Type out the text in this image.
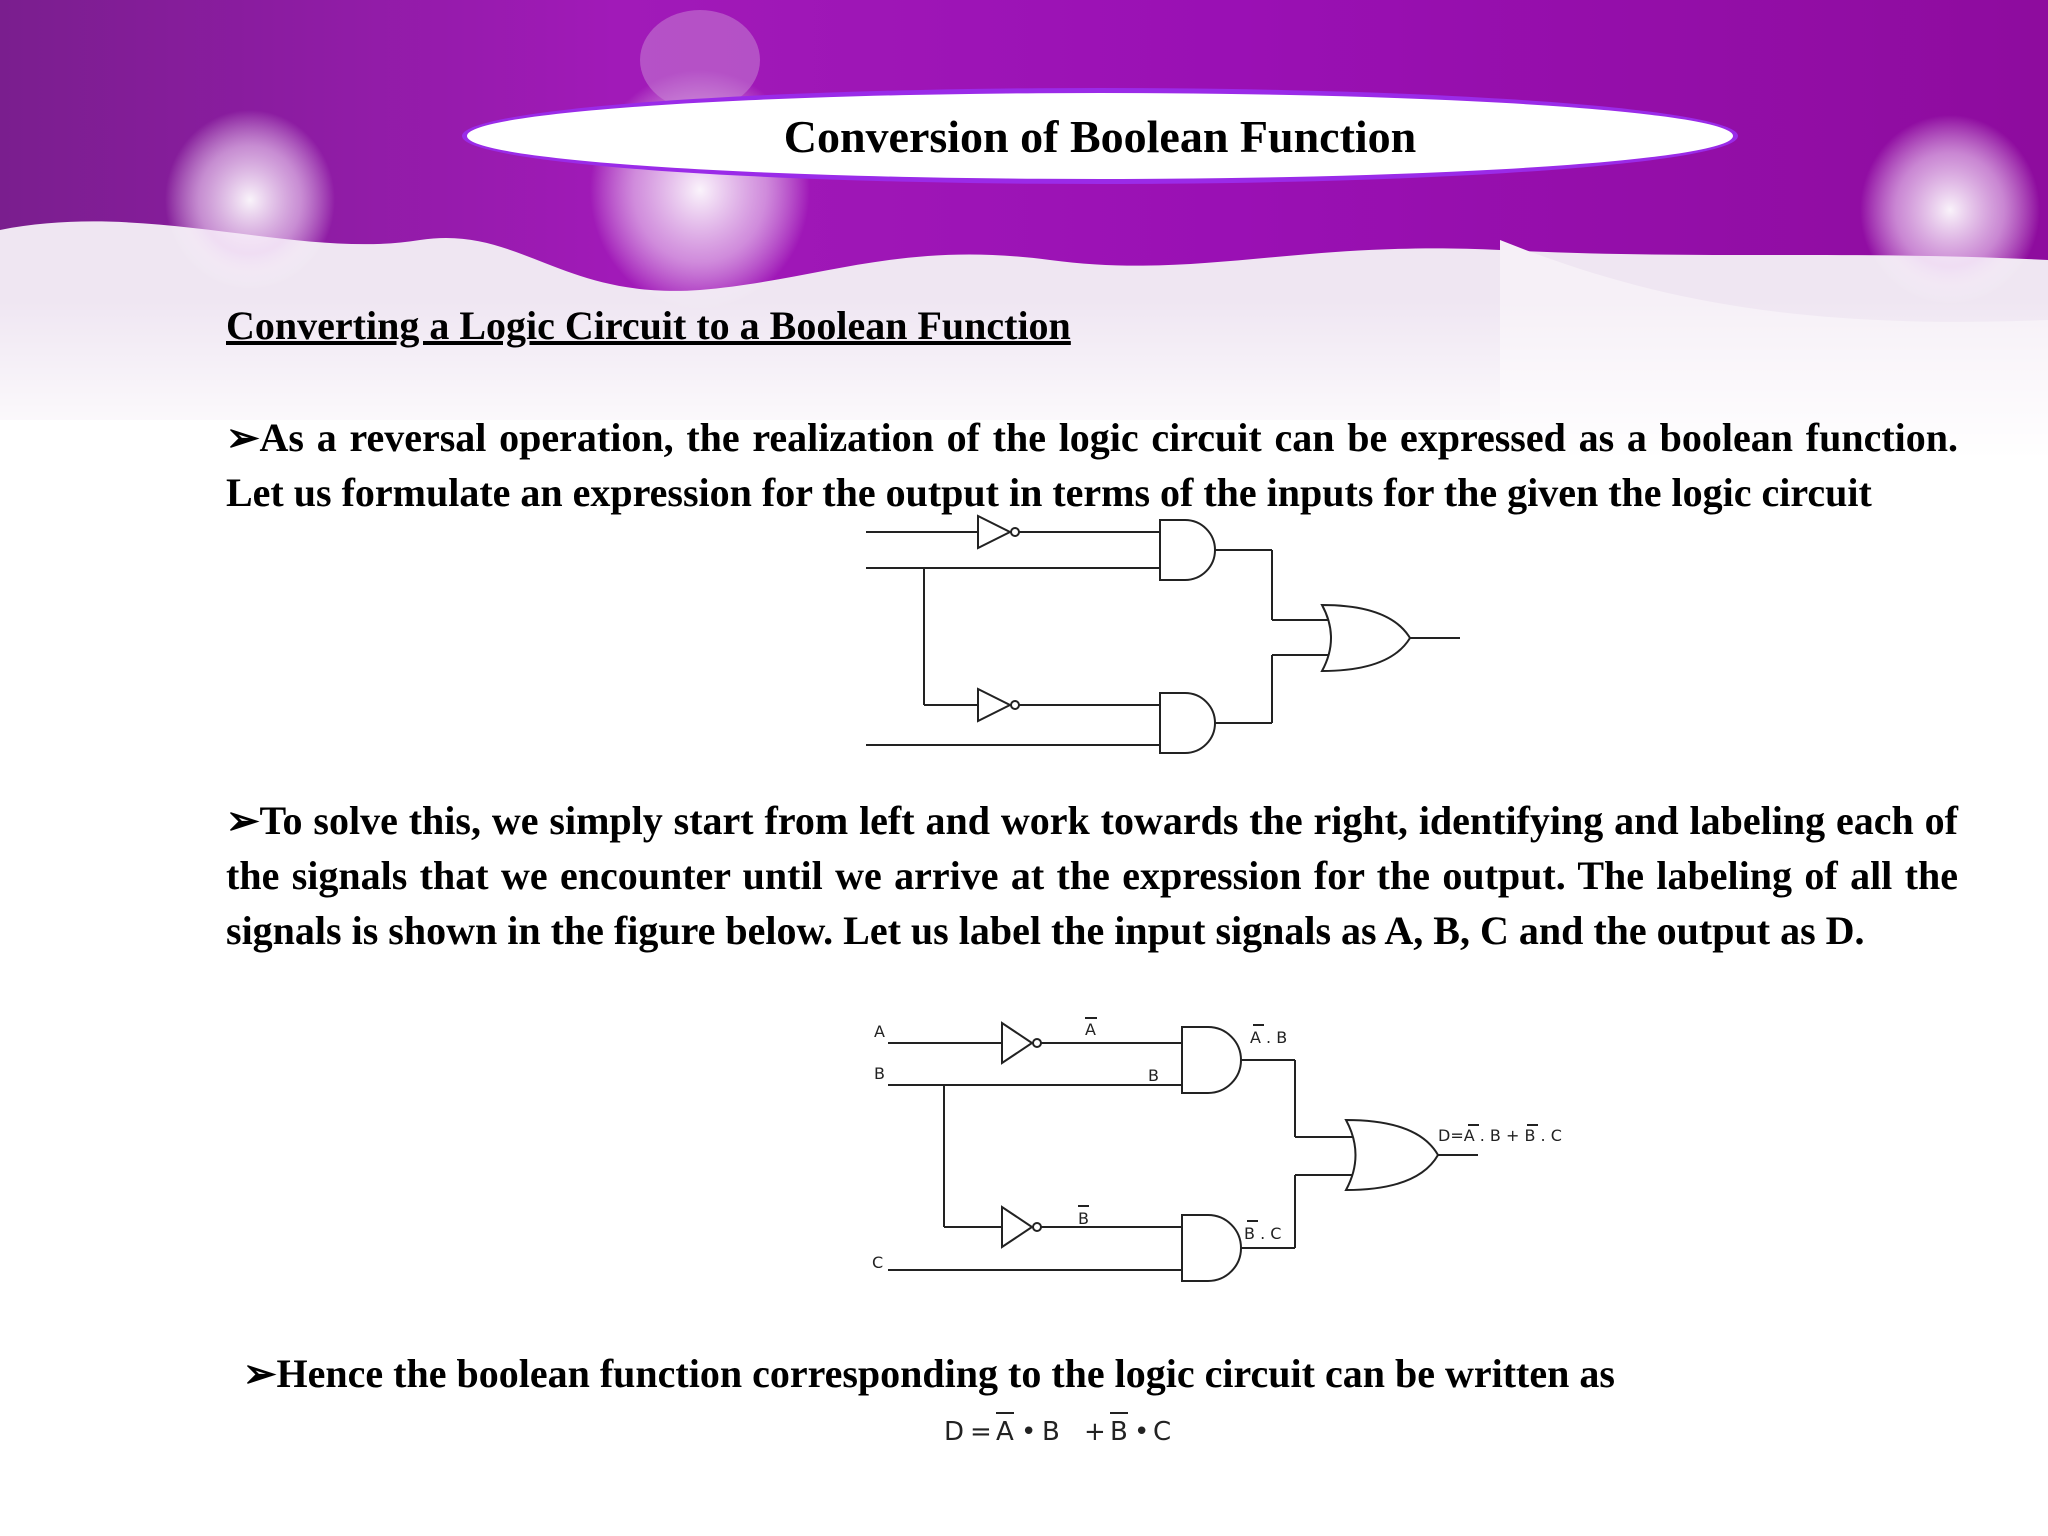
Conversion of Boolean Function
Converting a Logic Circuit to a Boolean Function
➢As a reversal operation, the realization of the logic circuit can be expressed as a boolean function. Let us formulate an expression for the output in terms of the inputs for the given the logic circuit
➢To solve this, we simply start from left and work towards the right, identifying and labeling each of the signals that we encounter until we arrive at the expression for the output. The labeling of all the signals is shown in the figure below. Let us label the input signals as A, B, C and the output as D.
A
B
C
A
B
A . B
B
B . C
D=A . B + B . C
➢Hence the boolean function corresponding to the logic circuit can be written as
D = A • B + B • C
